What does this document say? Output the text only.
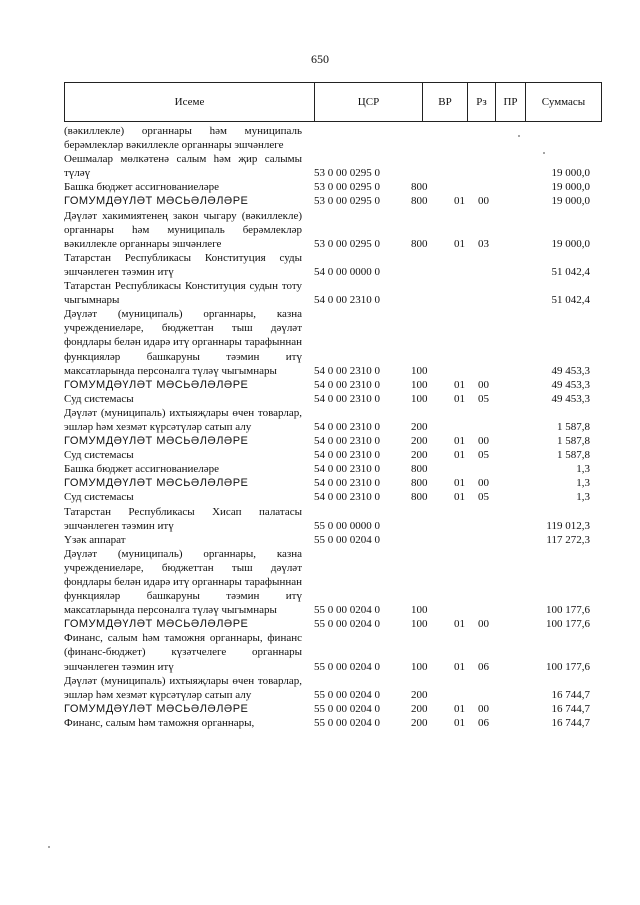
650
Исеме	ЦСР	ВР	Рз	ПР	Суммасы
(вәкиллекле) органнары һәм муниципаль берәмлекләр вәкиллекле органнары эшчәнлеге
Оешмалар мөлкәтенә салым һәм җир салымы түләү	53 0 00 0295 0	19 000,0
Башка бюджет ассигнованиеләре	53 0 00 0295 0	800	19 000,0
ГОМУМДӘҮЛӘТ МӘСЬӘЛӘЛӘРЕ	53 0 00 0295 0	800 01 00	19 000,0
Дәүләт хакимиятенең закон чыгару (вәкиллекле) органнары һәм муниципаль берәмлекләр вәкиллекле органнары эшчәнлеге	53 0 00 0295 0	800 01 03	19 000,0
Татарстан Республикасы Конституция суды эшчәнлеген тәэмин итү	54 0 00 0000 0	51 042,4
Татарстан Республикасы Конституция судын тоту чыгымнары	54 0 00 2310 0	51 042,4
Дәүләт (муниципаль) органнары, казна учреждениеләре, бюджеттан тыш дәүләт фондлары белән идарә итү органнары тарафыннан функцияләр башкаруны тәэмин итү максатларында персоналга түләү чыгымнары	54 0 00 2310 0	100	49 453,3
ГОМУМДӘҮЛӘТ МӘСЬӘЛӘЛӘРЕ	54 0 00 2310 0	100 01 00	49 453,3
Суд системасы	54 0 00 2310 0	100 01 05	49 453,3
Дәүләт (муниципаль) ихтыяҗлары өчен товарлар, эшләр һәм хезмәт күрсәтүләр сатып алу	54 0 00 2310 0	200	1 587,8
ГОМУМДӘҮЛӘТ МӘСЬӘЛӘЛӘРЕ	54 0 00 2310 0	200 01 00	1 587,8
Суд системасы	54 0 00 2310 0	200 01 05	1 587,8
Башка бюджет ассигнованиеләре	54 0 00 2310 0	800	1,3
ГОМУМДӘҮЛӘТ МӘСЬӘЛӘЛӘРЕ	54 0 00 2310 0	800 01 00	1,3
Суд системасы	54 0 00 2310 0	800 01 05	1,3
Татарстан Республикасы Хисап палатасы эшчәнлеген тәэмин итү	55 0 00 0000 0	119 012,3
Үзәк аппарат	55 0 00 0204 0	117 272,3
Дәүләт (муниципаль) органнары, казна учреждениеләре, бюджеттан тыш дәүләт фондлары белән идарә итү органнары тарафыннан функцияләр башкаруны тәэмин итү максатларында персоналга түләү чыгымнары	55 0 00 0204 0	100	100 177,6
ГОМУМДӘҮЛӘТ МӘСЬӘЛӘЛӘРЕ	55 0 00 0204 0	100 01 00	100 177,6
Финанс, салым һәм таможня органнары, финанс (финанс-бюджет) күзәтчелеге органнары эшчәнлеген тәэмин итү	55 0 00 0204 0	100 01 06	100 177,6
Дәүләт (муниципаль) ихтыяҗлары өчен товарлар, эшләр һәм хезмәт күрсәтүләр сатып алу	55 0 00 0204 0	200	16 744,7
ГОМУМДӘҮЛӘТ МӘСЬӘЛӘЛӘРЕ	55 0 00 0204 0	200 01 00	16 744,7
Финанс, салым һәм таможня органнары,	55 0 00 0204 0	200 01 06	16 744,7
